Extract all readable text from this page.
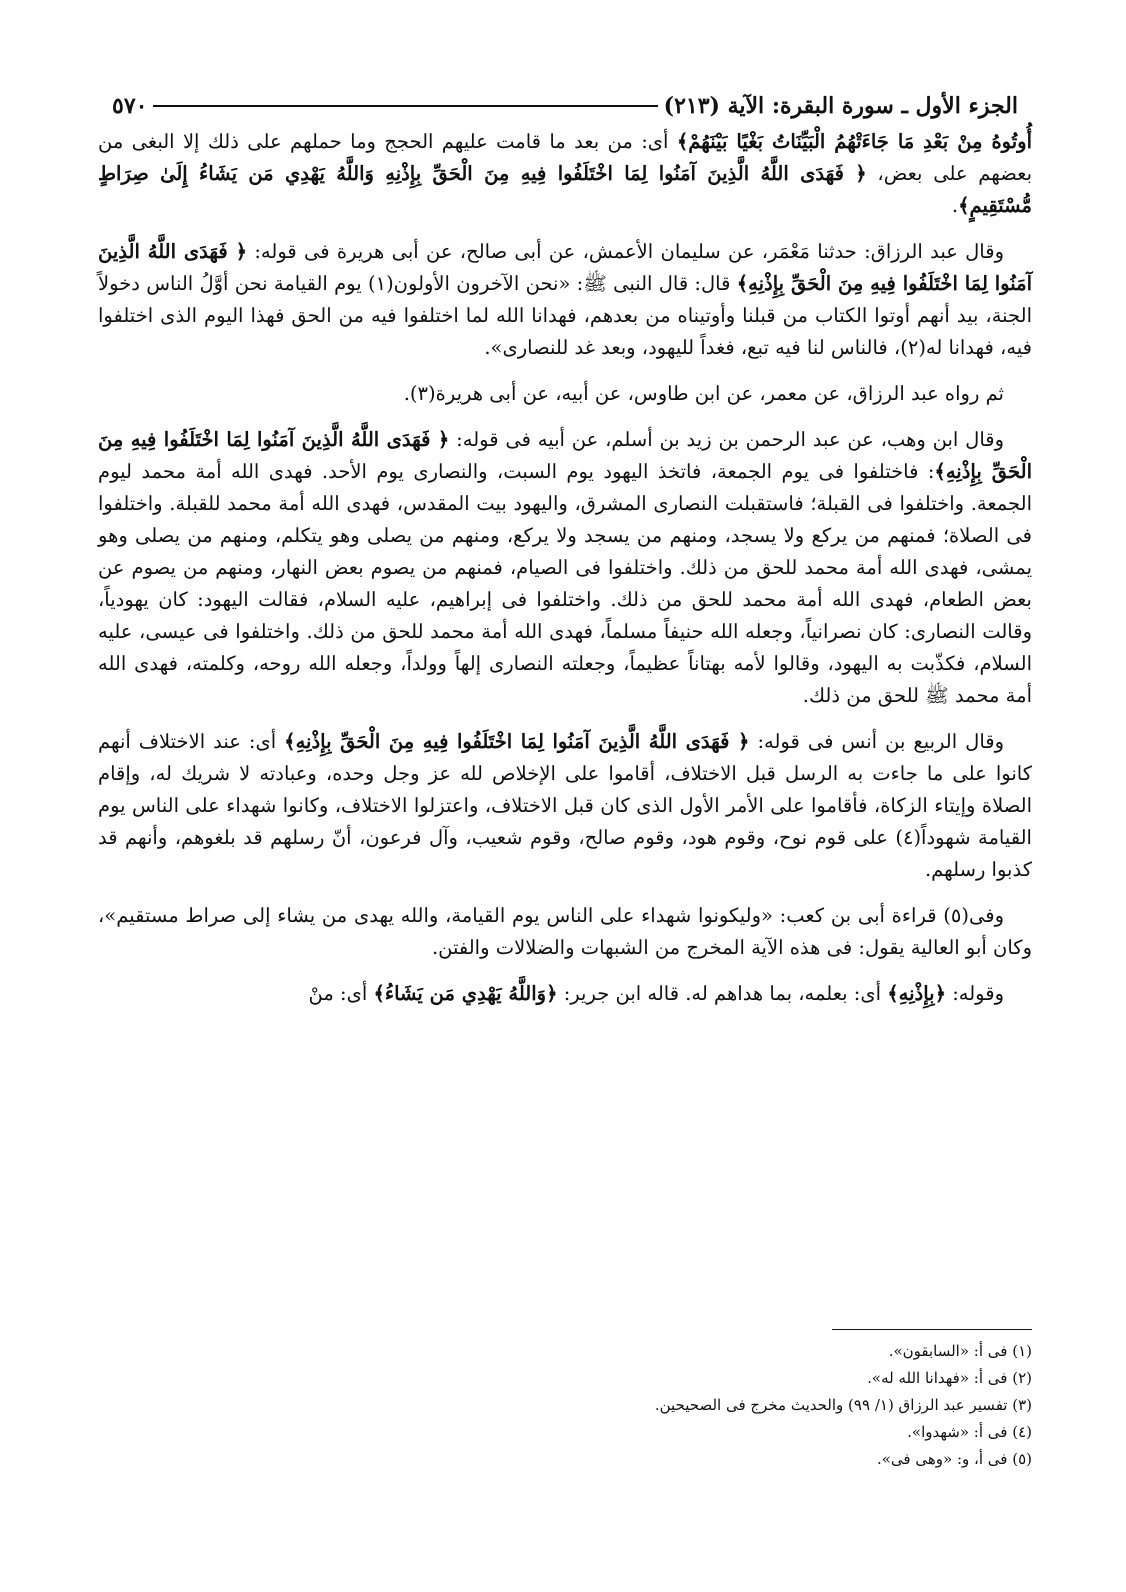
الجزء الأول ـ سورة البقرة: الآية (٢١٣)
٥٧٠

أُوتُوهُ مِنْ بَعْدِ مَا جَاءَتْهُمُ الْبَيِّنَاتُ بَغْيًا بَيْنَهُمْ﴾ أى: من بعد ما قامت عليهم الحجج وما حملهم على ذلك إلا البغى من بعضهم على بعض، ﴿ فَهَدَى اللَّهُ الَّذِينَ آمَنُوا لِمَا اخْتَلَفُوا فِيهِ مِنَ الْحَقِّ بِإِذْنِهِ وَاللَّهُ يَهْدِي مَن يَشَاءُ إِلَىٰ صِرَاطٍ مُّسْتَقِيمٍ﴾.

وقال عبد الرزاق: حدثنا مَعْمَر، عن سليمان الأعمش، عن أبى صالح، عن أبى هريرة فى قوله: ﴿ فَهَدَى اللَّهُ الَّذِينَ آمَنُوا لِمَا اخْتَلَفُوا فِيهِ مِنَ الْحَقِّ بِإِذْنِهِ﴾ قال: قال النبى ﷺ: «نحن الآخرون الأولون(١) يوم القيامة نحن أوَّلُ الناس دخولاً الجنة، بيد أنهم أوتوا الكتاب من قبلنا وأوتيناه من بعدهم، فهدانا الله لما اختلفوا فيه من الحق فهذا اليوم الذى اختلفوا فيه، فهدانا له(٢)، فالناس لنا فيه تبع، فغداً لليهود، وبعد غد للنصارى».

ثم رواه عبد الرزاق، عن معمر، عن ابن طاوس، عن أبيه، عن أبى هريرة(٣).

وقال ابن وهب، عن عبد الرحمن بن زيد بن أسلم، عن أبيه فى قوله: ﴿ فَهَدَى اللَّهُ الَّذِينَ آمَنُوا لِمَا اخْتَلَفُوا فِيهِ مِنَ الْحَقِّ بِإِذْنِهِ﴾: فاختلفوا فى يوم الجمعة، فاتخذ اليهود يوم السبت، والنصارى يوم الأحد. فهدى الله أمة محمد ليوم الجمعة. واختلفوا فى القبلة؛ فاستقبلت النصارى المشرق، واليهود بيت المقدس، فهدى الله أمة محمد للقبلة. واختلفوا فى الصلاة؛ فمنهم من يركع ولا يسجد، ومنهم من يسجد ولا يركع، ومنهم من يصلى وهو يتكلم، ومنهم من يصلى وهو يمشى، فهدى الله أمة محمد للحق من ذلك. واختلفوا فى الصيام، فمنهم من يصوم بعض النهار، ومنهم من يصوم عن بعض الطعام، فهدى الله أمة محمد للحق من ذلك. واختلفوا فى إبراهيم، عليه السلام، فقالت اليهود: كان يهودياً، وقالت النصارى: كان نصرانياً، وجعله الله حنيفاً مسلماً، فهدى الله أمة محمد للحق من ذلك. واختلفوا فى عيسى، عليه السلام، فكذّبت به اليهود، وقالوا لأمه بهتاناً عظيماً، وجعلته النصارى إلهاً وولداً، وجعله الله روحه، وكلمته، فهدى الله أمة محمد ﷺ للحق من ذلك.

وقال الربيع بن أنس فى قوله: ﴿ فَهَدَى اللَّهُ الَّذِينَ آمَنُوا لِمَا اخْتَلَفُوا فِيهِ مِنَ الْحَقِّ بِإِذْنِهِ﴾ أى: عند الاختلاف أنهم كانوا على ما جاءت به الرسل قبل الاختلاف، أقاموا على الإخلاص لله عز وجل وحده، وعبادته لا شريك له، وإقام الصلاة وإيتاء الزكاة، فأقاموا على الأمر الأول الذى كان قبل الاختلاف، واعتزلوا الاختلاف، وكانوا شهداء على الناس يوم القيامة شهوداً(٤) على قوم نوح، وقوم هود، وقوم صالح، وقوم شعيب، وآل فرعون، أنّ رسلهم قد بلغوهم، وأنهم قد كذبوا رسلهم.

وفى(٥) قراءة أبى بن كعب: «وليكونوا شهداء على الناس يوم القيامة، والله يهدى من يشاء إلى صراط مستقيم»، وكان أبو العالية يقول: فى هذه الآية المخرج من الشبهات والضلالات والفتن.

وقوله: ﴿بِإِذْنِهِ﴾ أى: بعلمه، بما هداهم له. قاله ابن جرير: ﴿وَاللَّهُ يَهْدِي مَن يَشَاءُ﴾ أى: منْ

(١) فى أ: «السابقون».

(٢) فى أ: «فهدانا الله له».

(٣) تفسير عبد الرزاق (١/ ٩٩) والحديث مخرج فى الصحيحين.

(٤) فى أ: «شهدوا».

(٥) فى أ، و: «وهى فى».
